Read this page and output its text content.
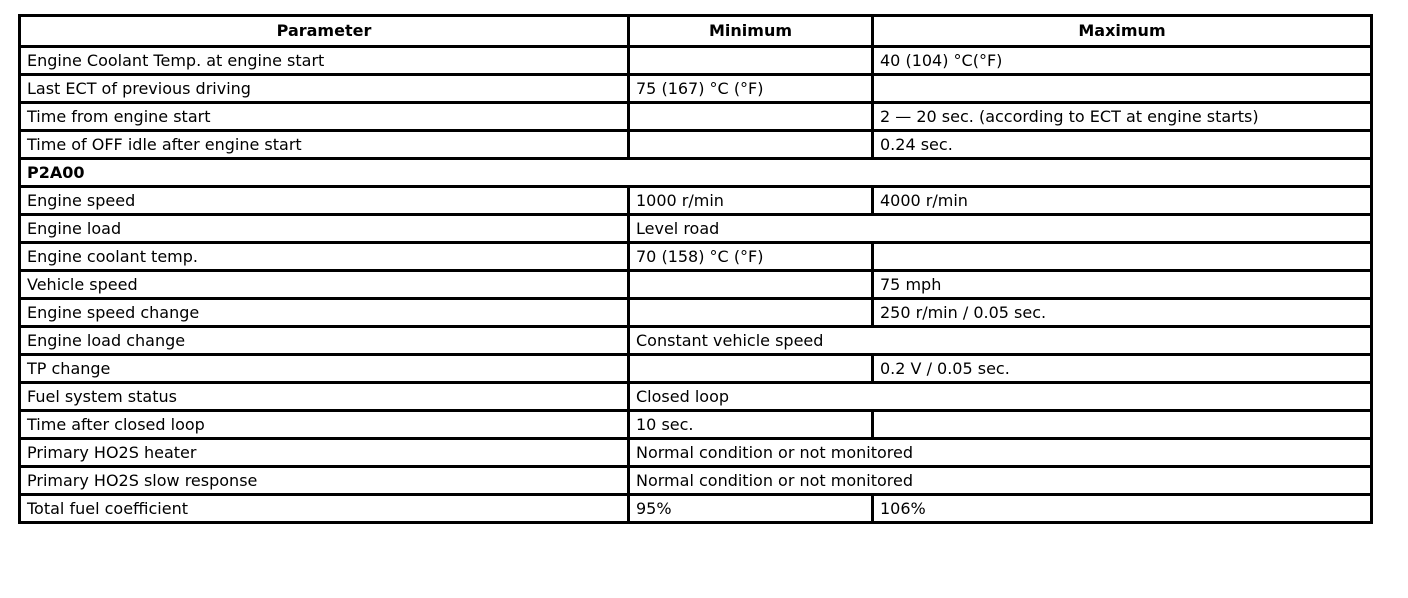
Parameter	Minimum	Maximum
Engine Coolant Temp. at engine start		40 (104) °C(°F)
Last ECT of previous driving	75 (167) °C (°F)	
Time from engine start		2 — 20 sec. (according to ECT at engine starts)
Time of OFF idle after engine start		0.24 sec.
P2A00		
Engine speed	1000 r/min	4000 r/min
Engine load	Level road	
Engine coolant temp.	70 (158) °C (°F)	
Vehicle speed		75 mph
Engine speed change		250 r/min / 0.05 sec.
Engine load change	Constant vehicle speed	
TP change		0.2 V / 0.05 sec.
Fuel system status	Closed loop	
Time after closed loop	10 sec.	
Primary HO2S heater	Normal condition or not monitored	
Primary HO2S slow response	Normal condition or not monitored	
Total fuel coefficient	95%	106%
